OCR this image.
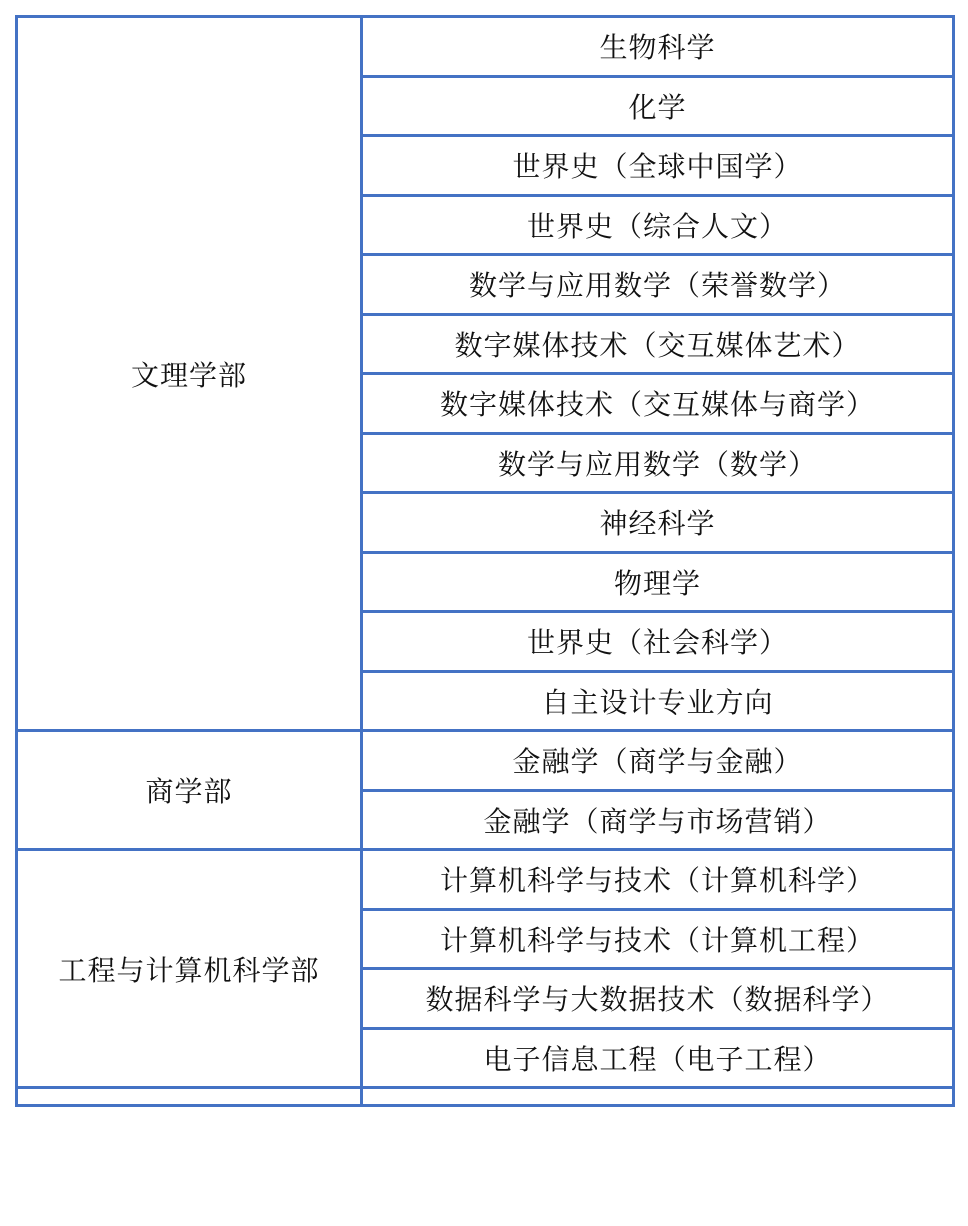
文理学部	生物科学
	化学
	世界史（全球中国学）
	世界史（综合人文）
	数学与应用数学（荣誉数学）
	数字媒体技术（交互媒体艺术）
	数字媒体技术（交互媒体与商学）
	数学与应用数学（数学）
	神经科学
	物理学
	世界史（社会科学）
	自主设计专业方向
商学部	金融学（商学与金融）
	金融学（商学与市场营销）
工程与计算机科学部	计算机科学与技术（计算机科学）
	计算机科学与技术（计算机工程）
	数据科学与大数据技术（数据科学）
	电子信息工程（电子工程）
